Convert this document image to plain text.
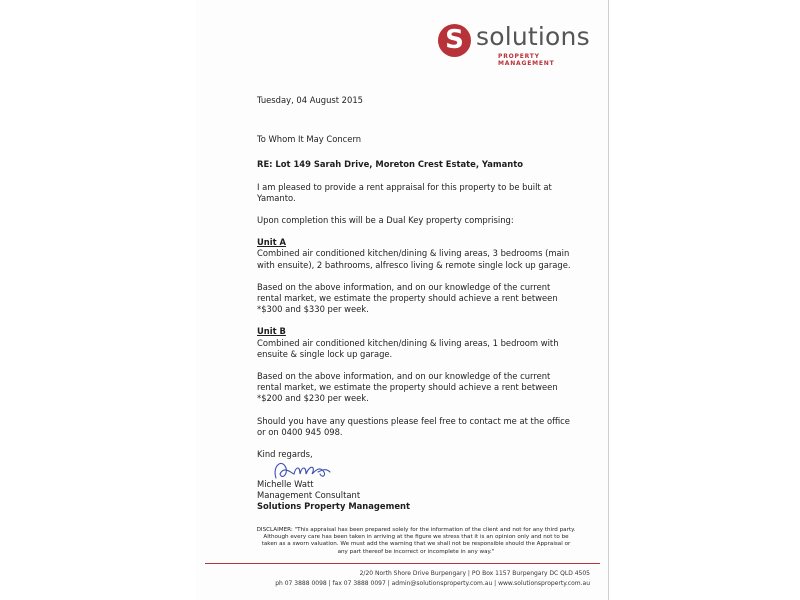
S solutions
PROPERTY MANAGEMENT

Tuesday, 04 August 2015

To Whom It May Concern

RE: Lot 149 Sarah Drive, Moreton Crest Estate, Yamanto

I am pleased to provide a rent appraisal for this property to be built at Yamanto.

Upon completion this will be a Dual Key property comprising:

Unit A

Combined air conditioned kitchen/dining & living areas, 3 bedrooms (main with ensuite), 2 bathrooms, alfresco living & remote single lock up garage.

Based on the above information, and on our knowledge of the current rental market, we estimate the property should achieve a rent between *$300 and $330 per week.

Unit B

Combined air conditioned kitchen/dining & living areas, 1 bedroom with ensuite & single lock up garage.

Based on the above information, and on our knowledge of the current rental market, we estimate the property should achieve a rent between *$200 and $230 per week.

Should you have any questions please feel free to contact me at the office or on 0400 945 098.

Kind regards,

Michelle Watt
Management Consultant
Solutions Property Management
DISCLAIMER: "This appraisal has been prepared solely for the information of the client and not for any third party. Although every care has been taken in arriving at the figure we stress that it is an opinion only and not to be taken as a sworn valuation. We must add the warning that we shall not be responsible should the Appraisal or any part thereof be incorrect or incomplete in any way."
2/20 North Shore Drive Burpengary | PO Box 1157 Burpengary DC QLD 4505
ph 07 3888 0098 | fax 07 3888 0097 | admin@solutionsproperty.com.au | www.solutionsproperty.com.au
